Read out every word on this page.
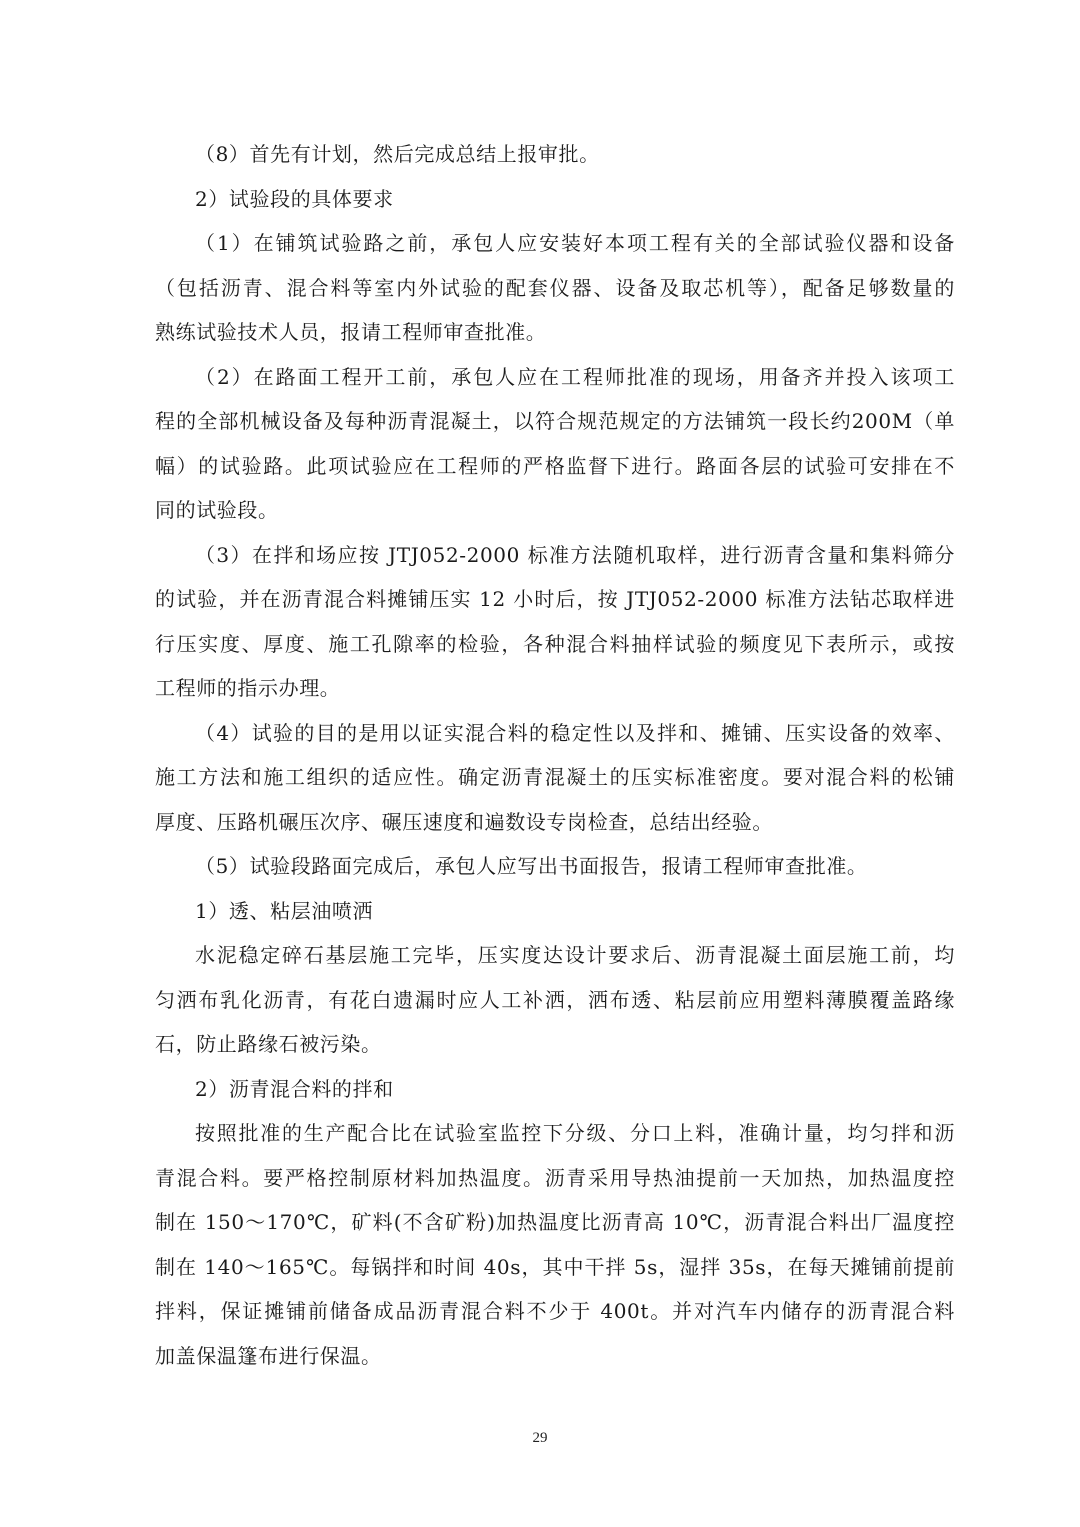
（8）首先有计划，然后完成总结上报审批。
2）试验段的具体要求
（1）在铺筑试验路之前，承包人应安装好本项工程有关的全部试验仪器和设备
（包括沥青、混合料等室内外试验的配套仪器、设备及取芯机等），配备足够数量的
熟练试验技术人员，报请工程师审查批准。
（2）在路面工程开工前，承包人应在工程师批准的现场，用备齐并投入该项工
程的全部机械设备及每种沥青混凝土，以符合规范规定的方法铺筑一段长约200M（单
幅）的试验路。此项试验应在工程师的严格监督下进行。路面各层的试验可安排在不
同的试验段。
（3）在拌和场应按 JTJ052-2000 标准方法随机取样，进行沥青含量和集料筛分
的试验，并在沥青混合料摊铺压实 12 小时后，按 JTJ052-2000 标准方法钻芯取样进
行压实度、厚度、施工孔隙率的检验，各种混合料抽样试验的频度见下表所示，或按
工程师的指示办理。
（4）试验的目的是用以证实混合料的稳定性以及拌和、摊铺、压实设备的效率、
施工方法和施工组织的适应性。确定沥青混凝土的压实标准密度。要对混合料的松铺
厚度、压路机碾压次序、碾压速度和遍数设专岗检查，总结出经验。
（5）试验段路面完成后，承包人应写出书面报告，报请工程师审查批准。
1）透、粘层油喷洒
水泥稳定碎石基层施工完毕，压实度达设计要求后、沥青混凝土面层施工前，均
匀洒布乳化沥青，有花白遗漏时应人工补洒，洒布透、粘层前应用塑料薄膜覆盖路缘
石，防止路缘石被污染。
2）沥青混合料的拌和
按照批准的生产配合比在试验室监控下分级、分口上料，准确计量，均匀拌和沥
青混合料。要严格控制原材料加热温度。沥青采用导热油提前一天加热，加热温度控
制在 150～170℃，矿料(不含矿粉)加热温度比沥青高 10℃，沥青混合料出厂温度控
制在 140～165℃。每锅拌和时间 40s，其中干拌 5s，湿拌 35s，在每天摊铺前提前
拌料，保证摊铺前储备成品沥青混合料不少于 400t。并对汽车内储存的沥青混合料
加盖保温篷布进行保温。
29
